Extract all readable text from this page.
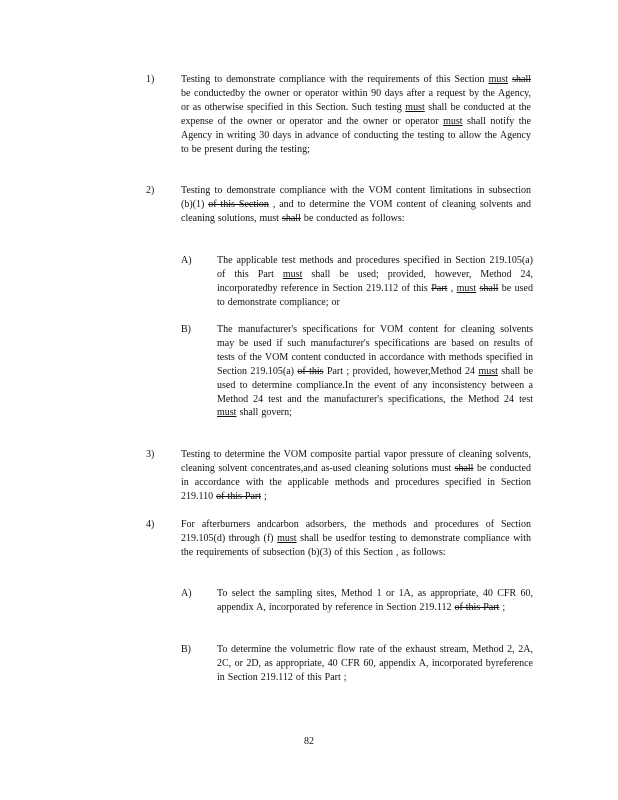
1)	Testing to demonstrate compliance with the requirements of this Section must shall be conductedby the owner or operator within 90 days after a request by the Agency, or as otherwise specified in this Section. Such testing must shall be conducted at the expense of the owner or operator and the owner or operator must shall notify the Agency in writing 30 days in advance of conducting the testing to allow the Agency to be present during the testing;
2)	Testing to demonstrate compliance with the VOM content limitations in subsection (b)(1) of this Section , and to determine the VOM content of cleaning solvents and cleaning solutions, must shall be conducted as follows:
A)	The applicable test methods and procedures specified in Section 219.105(a) of this Part must shall be used; provided, however, Method 24, incorporatedby reference in Section 219.112 of this Part , must shall be used to demonstrate compliance; or
B)	The manufacturer's specifications for VOM content for cleaning solvents may be used if such manufacturer's specifications are based on results of tests of the VOM content conducted in accordance with methods specified in Section 219.105(a) of this Part ; provided, however,Method 24 must shall be used to determine compliance.In the event of any inconsistency between a Method 24 test and the manufacturer's specifications, the Method 24 test must shall govern;
3)	Testing to determine the VOM composite partial vapor pressure of cleaning solvents, cleaning solvent concentrates,and as-used cleaning solutions must shall be conducted in accordance with the applicable methods and procedures specified in Section 219.110 of this Part ;
4)	For afterburners andcarbon adsorbers, the methods and procedures of Section 219.105(d) through (f) must shall be usedfor testing to demonstrate compliance with the requirements of subsection (b)(3) of this Section , as follows:
A)	To select the sampling sites, Method 1 or 1A, as appropriate, 40 CFR 60, appendix A, incorporated by reference in Section 219.112 of this Part ;
B)	To determine the volumetric flow rate of the exhaust stream, Method 2, 2A, 2C, or 2D, as appropriate, 40 CFR 60, appendix A, incorporated byreference in Section 219.112 of this Part ;
82
